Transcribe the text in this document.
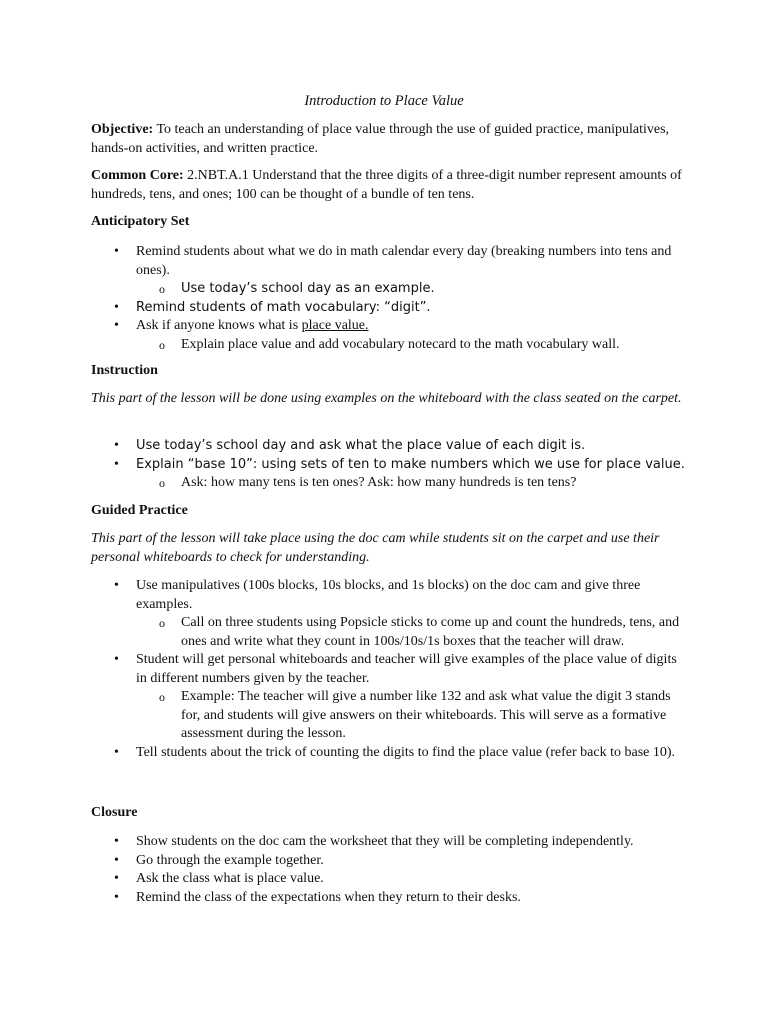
Introduction to Place Value
Objective: To teach an understanding of place value through the use of guided practice, manipulatives, hands-on activities, and written practice.
Common Core: 2.NBT.A.1 Understand that the three digits of a three-digit number represent amounts of hundreds, tens, and ones; 100 can be thought of a bundle of ten tens.
Anticipatory Set
• Remind students about what we do in math calendar every day (breaking numbers into tens and ones).
o Use today’s school day as an example.
• Remind students of math vocabulary: “digit”.
• Ask if anyone knows what is place value.
o Explain place value and add vocabulary notecard to the math vocabulary wall.
Instruction
This part of the lesson will be done using examples on the whiteboard with the class seated on the carpet.
• Use today’s school day and ask what the place value of each digit is.
• Explain “base 10”: using sets of ten to make numbers which we use for place value.
o Ask: how many tens is ten ones? Ask: how many hundreds is ten tens?
Guided Practice
This part of the lesson will take place using the doc cam while students sit on the carpet and use their personal whiteboards to check for understanding.
• Use manipulatives (100s blocks, 10s blocks, and 1s blocks) on the doc cam and give three examples.
o Call on three students using Popsicle sticks to come up and count the hundreds, tens, and ones and write what they count in 100s/10s/1s boxes that the teacher will draw.
• Student will get personal whiteboards and teacher will give examples of the place value of digits in different numbers given by the teacher.
o Example: The teacher will give a number like 132 and ask what value the digit 3 stands for, and students will give answers on their whiteboards. This will serve as a formative assessment during the lesson.
• Tell students about the trick of counting the digits to find the place value (refer back to base 10).
Closure
• Show students on the doc cam the worksheet that they will be completing independently.
• Go through the example together.
• Ask the class what is place value.
• Remind the class of the expectations when they return to their desks.
